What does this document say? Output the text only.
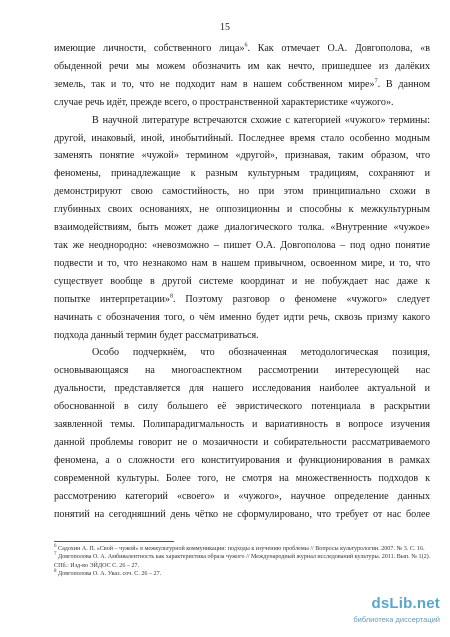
15

имеющие личности, собственного лица»$^6$. Как отмечает О.А. Довгополова, «в
обыденной речи мы можем обозначить им как нечто, пришедшее из далёких
земель, так и то, что не подходит нам в нашем собственном мире»$^7$. В данном
случае речь идёт, прежде всего, о пространственной характеристике «чужого».

В научной литературе встречаются схожие с категорией «чужого» термины:
другой, инаковый, иной, инобытийный. Последнее время стало особенно модным
заменять понятие «чужой» термином «другой», признавая, таким образом, что
феномены, принадлежащие к разным культурным традициям, сохраняют и
демонстрируют свою самостийность, но при этом принципиально схожи в
глубинных своих основаниях, не оппозиционны и способны к межкультурным
взаимодействиям, быть может даже диалогического толка. «Внутренние «чужое»
так же неоднородно: «невозможно – пишет О.А. Довгополова – под одно понятие
подвести и то, что незнакомо нам в нашем привычном, освоенном мире, и то, что
существует вообще в другой системе координат и не побуждает нас даже к
попытке интерпретации»$^8$. Поэтому разговор о феномене «чужого» следует
начинать с обозначения того, о чём именно будет идти речь, сквозь призму какого
подхода данный термин будет рассматриваться.

Особо подчеркнём, что обозначенная методологическая позиция,
основывающаяся на многоаспектном рассмотрении интересующей нас
дуальности, представляется для нашего исследования наиболее актуальной и
обоснованной в силу большего её эвристического потенциала в раскрытии
заявленной темы. Полипарадигмальность и вариативность в вопросе изучения
данной проблемы говорит не о мозаичности и собирательности рассматриваемого
феномена, а о сложности его конституирования и функционирования в рамках
современной культуры. Более того, не смотря на множественность подходов к
рассмотрению категорий «своего» и «чужого», научное определение данных
понятий на сегодняшний день чётко не сформулировано, что требует от нас более

$^6$ Садохин А. П. «Свой – чужой» в межкультурной коммуникации: подходы к изучению проблемы // Вопросы культурологии. 2007. № 3. С. 16.

$^7$ Довгополова О. А. Амбивалентность как характеристика образа чужого // Международный журнал исследований культуры. 2011. Вып. № 1(2). СПб.: Изд-во ЭЙДОС С. 26 – 27.

$^8$ Довгополова О. А. Указ. соч. С. 26 – 27.

dsLib.net
библиотека диссертаций
